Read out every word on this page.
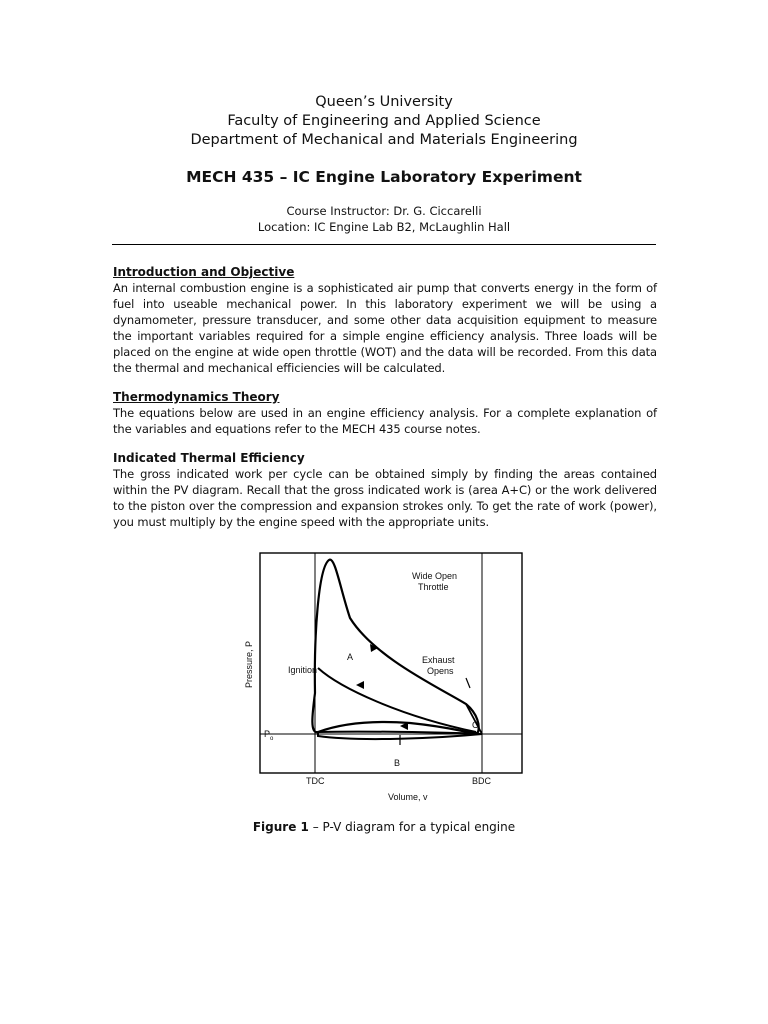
Queen’s University
Faculty of Engineering and Applied Science
Department of Mechanical and Materials Engineering
MECH 435 – IC Engine Laboratory Experiment
Course Instructor: Dr. G. Ciccarelli
Location: IC Engine Lab B2, McLaughlin Hall
Introduction and Objective
An internal combustion engine is a sophisticated air pump that converts energy in the form of fuel into useable mechanical power. In this laboratory experiment we will be using a dynamometer, pressure transducer, and some other data acquisition equipment to measure the important variables required for a simple engine efficiency analysis. Three loads will be placed on the engine at wide open throttle (WOT) and the data will be recorded. From this data the thermal and mechanical efficiencies will be calculated.
Thermodynamics Theory
The equations below are used in an engine efficiency analysis. For a complete explanation of the variables and equations refer to the MECH 435 course notes.
Indicated Thermal Efficiency
The gross indicated work per cycle can be obtained simply by finding the areas contained within the PV diagram. Recall that the gross indicated work is (area A+C) or the work delivered to the piston over the compression and expansion strokes only. To get the rate of work (power), you must multiply by the engine speed with the appropriate units.
Wide Open
Throttle
Ignition
Exhaust
Opens
A
B
C
P o
TDC	BDC
Volume, v
Pressure, P
Figure 1 – P-V diagram for a typical engine
